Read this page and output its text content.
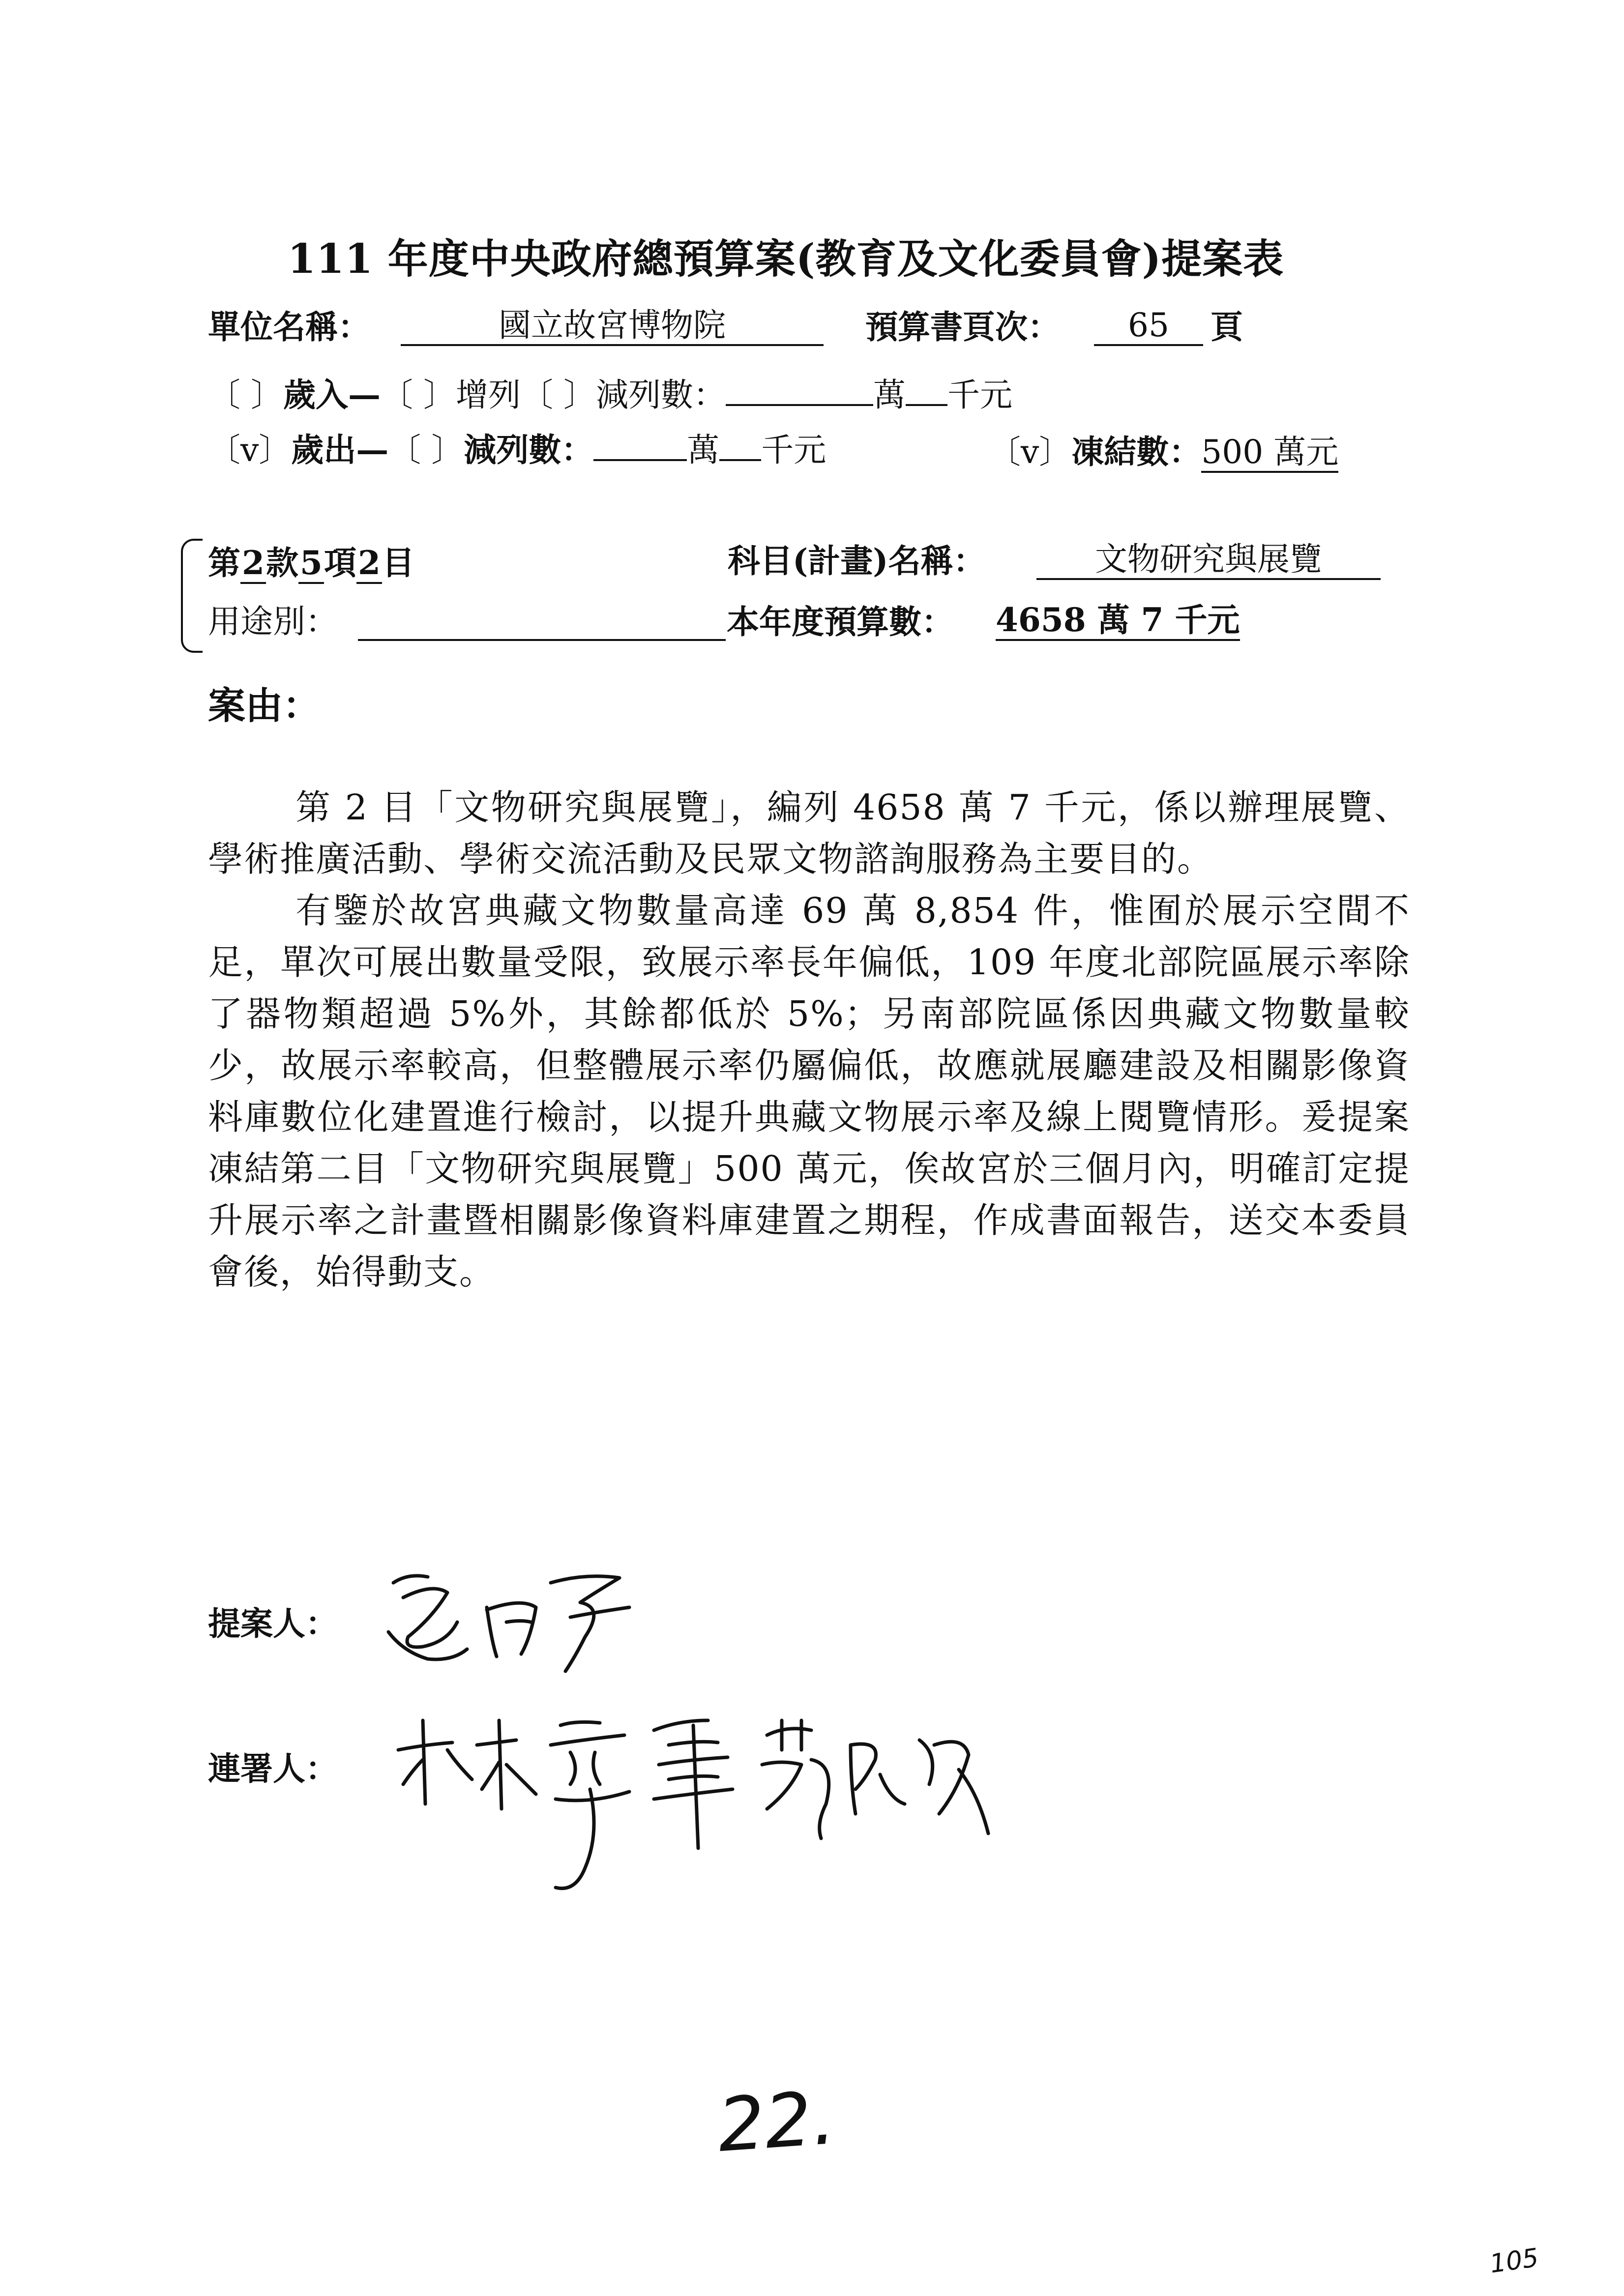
111 年度中央政府總預算案(教育及文化委員會)提案表
單位名稱：	國立故宮博物院	預算書頁次：	65	頁
〔 〕歲入—〔 〕增列〔 〕減列數：	萬 千元
〔v〕歲出—〔 〕減列數：	萬 千元	〔v〕凍結數：500 萬元
第2款5項2目	科目(計畫)名稱：	文物研究與展覽
用途別：
	本年度預算數： 4658 萬 7 千元
案由：

第 2 目「文物研究與展覽」，編列 4658 萬 7 千元，係以辦理展覽、學術推廣活動、學術交流活動及民眾文物諮詢服務為主要目的。

有鑒於故宮典藏文物數量高達 69 萬 8,854 件，惟囿於展示空間不足，單次可展出數量受限，致展示率長年偏低，109 年度北部院區展示率除了器物類超過 5%外，其餘都低於 5%；另南部院區係因典藏文物數量較少，故展示率較高，但整體展示率仍屬偏低，故應就展廳建設及相關影像資料庫數位化建置進行檢討，以提升典藏文物展示率及線上閱覽情形。爰提案凍結第二目「文物研究與展覽」500 萬元，俟故宮於三個月內，明確訂定提升展示率之計畫暨相關影像資料庫建置之期程，作成書面報告，送交本委員會後，始得動支。

提案人：
連署人：
22.
105
